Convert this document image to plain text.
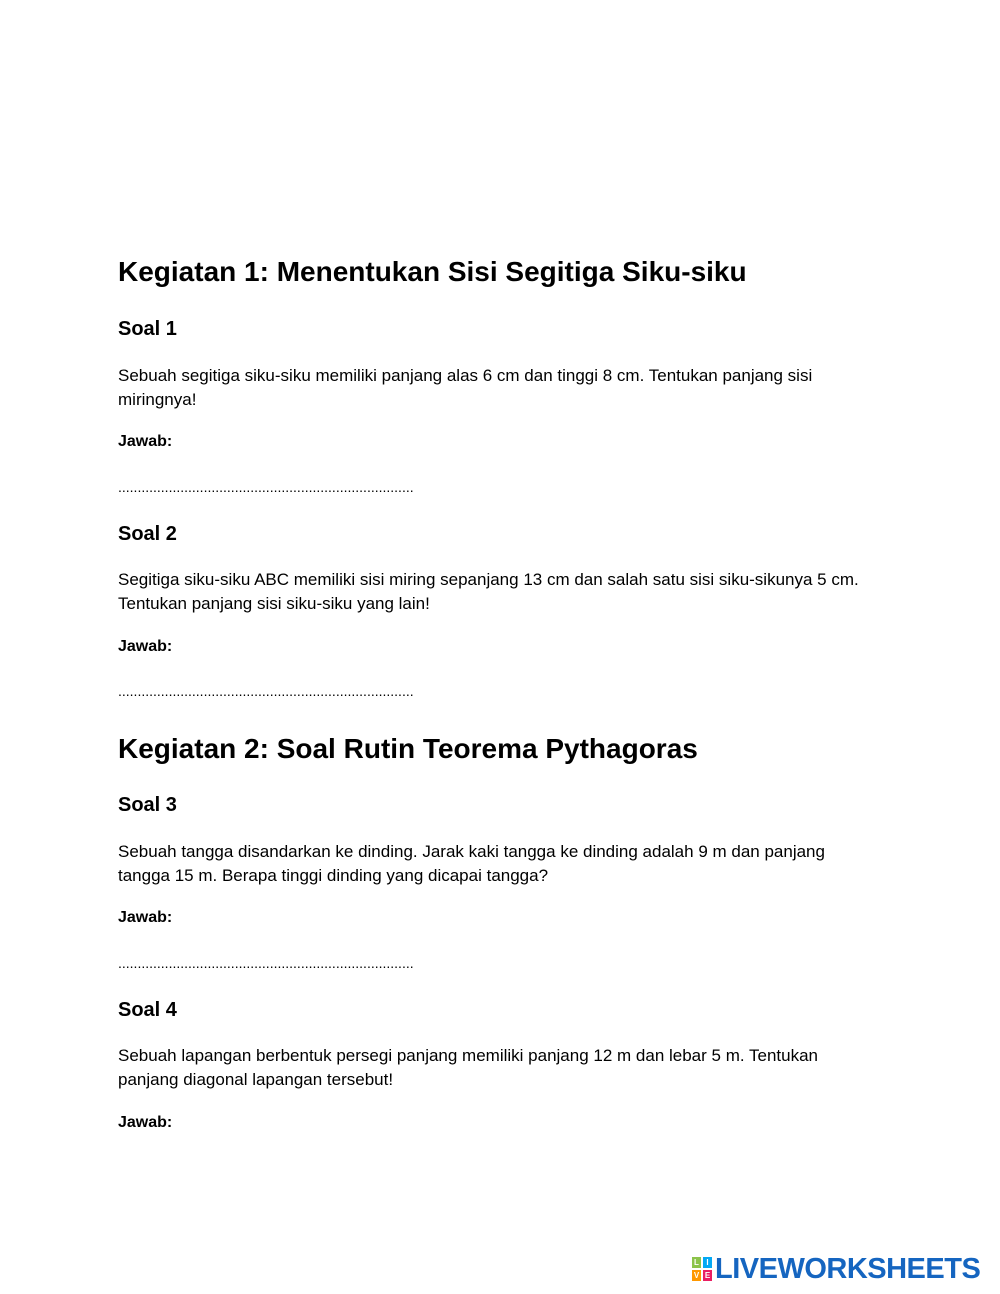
Kegiatan 1: Menentukan Sisi Segitiga Siku-siku
Soal 1

Sebuah segitiga siku-siku memiliki panjang alas 6 cm dan tinggi 8 cm. Tentukan panjang sisi miringnya!

Jawab:
............................................................................
Soal 2

Segitiga siku-siku ABC memiliki sisi miring sepanjang 13 cm dan salah satu sisi siku-sikunya 5 cm. Tentukan panjang sisi siku-siku yang lain!

Jawab:
............................................................................
Kegiatan 2: Soal Rutin Teorema Pythagoras
Soal 3

Sebuah tangga disandarkan ke dinding. Jarak kaki tangga ke dinding adalah 9 m dan panjang tangga 15 m. Berapa tinggi dinding yang dicapai tangga?

Jawab:
............................................................................
Soal 4

Sebuah lapangan berbentuk persegi panjang memiliki panjang 12 m dan lebar 5 m. Tentukan panjang diagonal lapangan tersebut!

Jawab:
L I
V E LIVEWORKSHEETS
